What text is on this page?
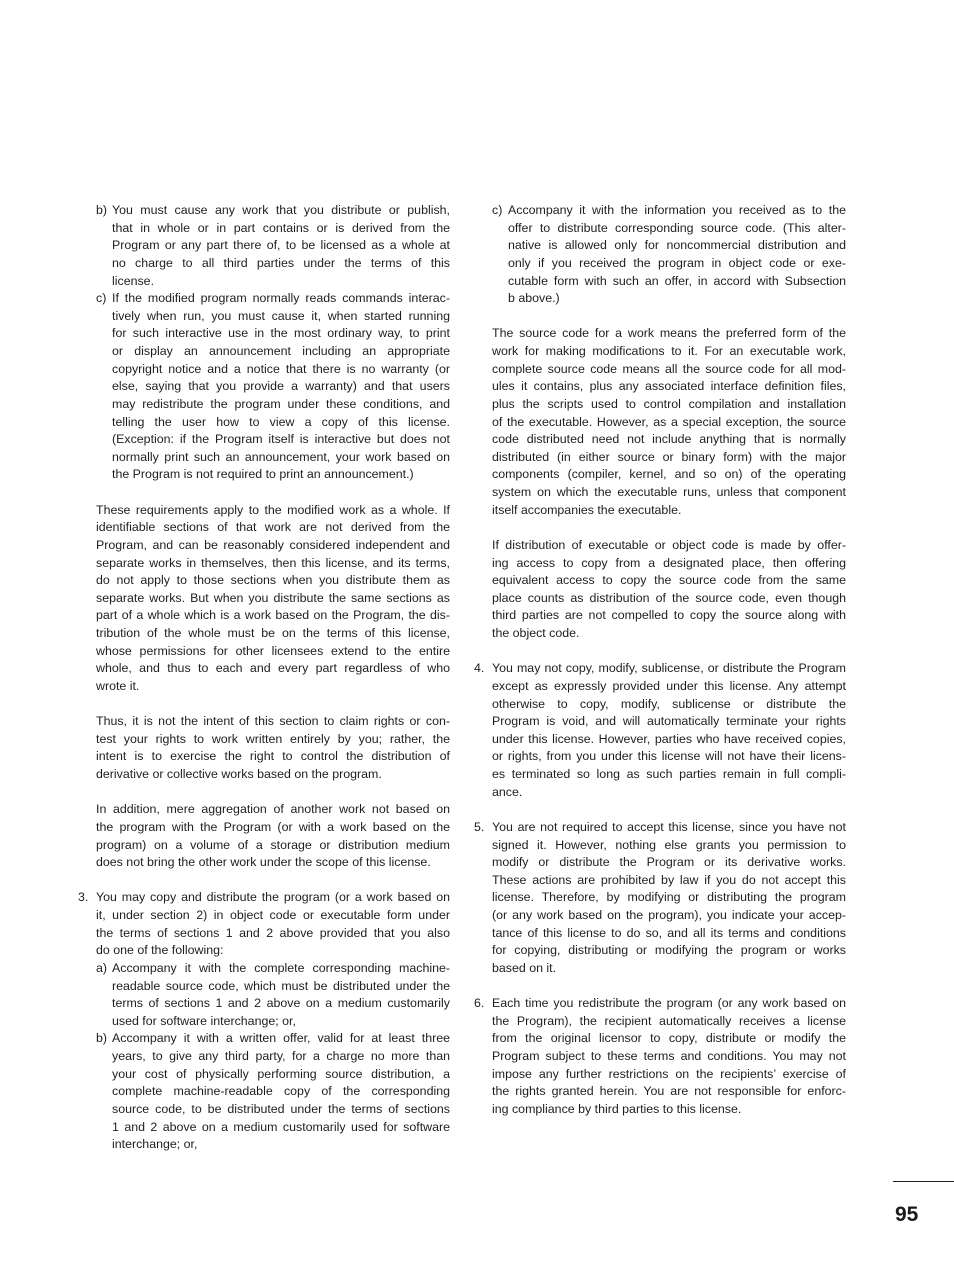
b) You must cause any work that you distribute or publish,
that in whole or in part contains or is derived from the
Program or any part there of, to be licensed as a whole at
no charge to all third parties under the terms of this
license.
c) If the modified program normally reads commands interac-
tively when run, you must cause it, when started running
for such interactive use in the most ordinary way, to print
or display an announcement including an appropriate
copyright notice and a notice that there is no warranty (or
else, saying that you provide a warranty) and that users
may redistribute the program under these conditions, and
telling the user how to view a copy of this license.
(Exception: if the Program itself is interactive but does not
normally print such an announcement, your work based on
the Program is not required to print an announcement.)
These requirements apply to the modified work as a whole. If
identifiable sections of that work are not derived from the
Program, and can be reasonably considered independent and
separate works in themselves, then this license, and its terms,
do not apply to those sections when you distribute them as
separate works. But when you distribute the same sections as
part of a whole which is a work based on the Program, the dis-
tribution of the whole must be on the terms of this license,
whose permissions for other licensees extend to the entire
whole, and thus to each and every part regardless of who
wrote it.
Thus, it is not the intent of this section to claim rights or con-
test your rights to work written entirely by you; rather, the
intent is to exercise the right to control the distribution of
derivative or collective works based on the program.
In addition, mere aggregation of another work not based on
the program with the Program (or with a work based on the
program) on a volume of a storage or distribution medium
does not bring the other work under the scope of this license.
3. You may copy and distribute the program (or a work based on
it, under section 2) in object code or executable form under
the terms of sections 1 and 2 above provided that you also
do one of the following:
a) Accompany it with the complete corresponding machine-
readable source code, which must be distributed under the
terms of sections 1 and 2 above on a medium customarily
used for software interchange; or,
b) Accompany it with a written offer, valid for at least three
years, to give any third party, for a charge no more than
your cost of physically performing source distribution, a
complete machine-readable copy of the corresponding
source code, to be distributed under the terms of sections
1 and 2 above on a medium customarily used for software
interchange; or,
c) Accompany it with the information you received as to the
offer to distribute corresponding source code. (This alter-
native is allowed only for noncommercial distribution and
only if you received the program in object code or exe-
cutable form with such an offer, in accord with Subsection
b above.)
The source code for a work means the preferred form of the
work for making modifications to it. For an executable work,
complete source code means all the source code for all mod-
ules it contains, plus any associated interface definition files,
plus the scripts used to control compilation and installation
of the executable. However, as a special exception, the source
code distributed need not include anything that is normally
distributed (in either source or binary form) with the major
components (compiler, kernel, and so on) of the operating
system on which the executable runs, unless that component
itself accompanies the executable.
If distribution of executable or object code is made by offer-
ing access to copy from a designated place, then offering
equivalent access to copy the source code from the same
place counts as distribution of the source code, even though
third parties are not compelled to copy the source along with
the object code.
4. You may not copy, modify, sublicense, or distribute the Program
except as expressly provided under this license. Any attempt
otherwise to copy, modify, sublicense or distribute the
Program is void, and will automatically terminate your rights
under this license. However, parties who have received copies,
or rights, from you under this license will not have their licens-
es terminated so long as such parties remain in full compli-
ance.
5. You are not required to accept this license, since you have not
signed it. However, nothing else grants you permission to
modify or distribute the Program or its derivative works.
These actions are prohibited by law if you do not accept this
license. Therefore, by modifying or distributing the program
(or any work based on the program), you indicate your accep-
tance of this license to do so, and all its terms and conditions
for copying, distributing or modifying the program or works
based on it.
6. Each time you redistribute the program (or any work based on
the Program), the recipient automatically receives a license
from the original licensor to copy, distribute or modify the
Program subject to these terms and conditions. You may not
impose any further restrictions on the recipients’ exercise of
the rights granted herein. You are not responsible for enforc-
ing compliance by third parties to this license.
95
